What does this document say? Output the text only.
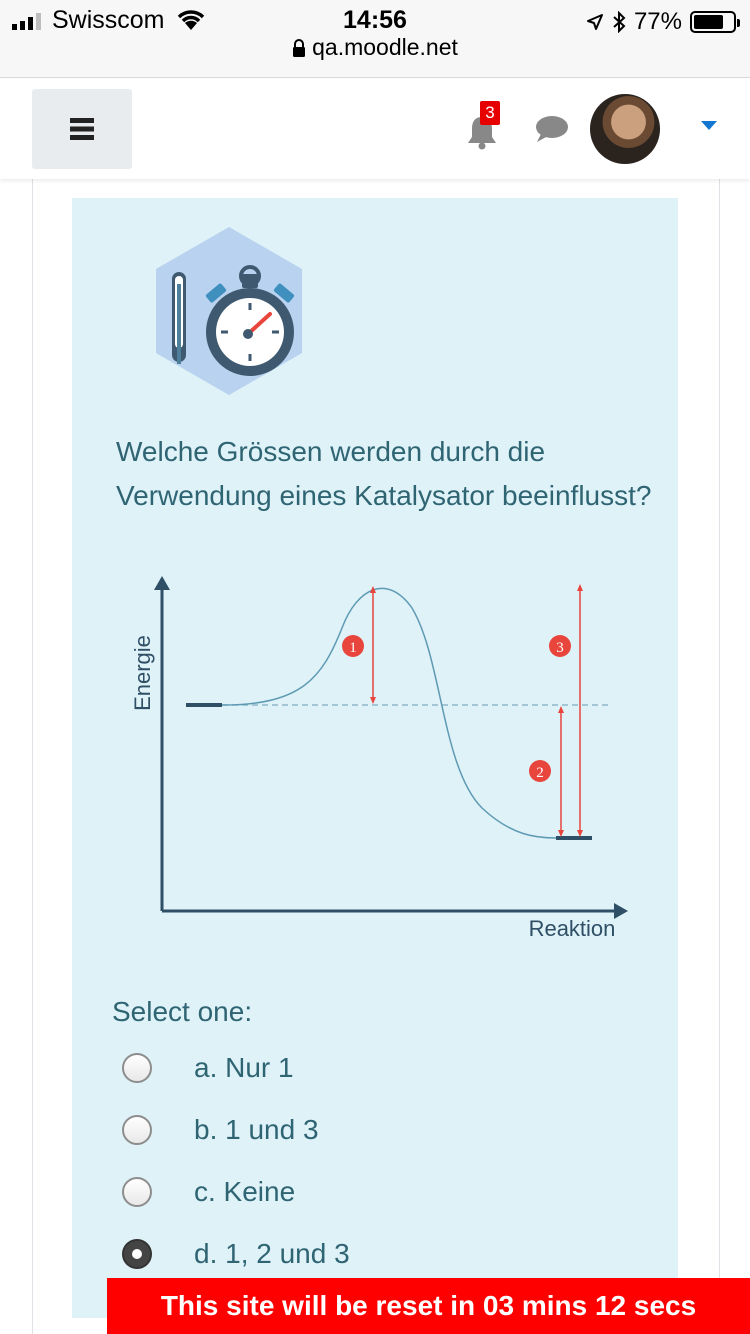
Swisscom	14:56
qa.moodle.net
77%
3

Welche Grössen werden durch die Verwendung eines Katalysator beeinflusst?

Energie
Reaktion
1
2
3
Select one:
a. Nur 1
b. 1 und 3
c. Keine
d. 1, 2 und 3
This site will be reset in 03 mins 12 secs
